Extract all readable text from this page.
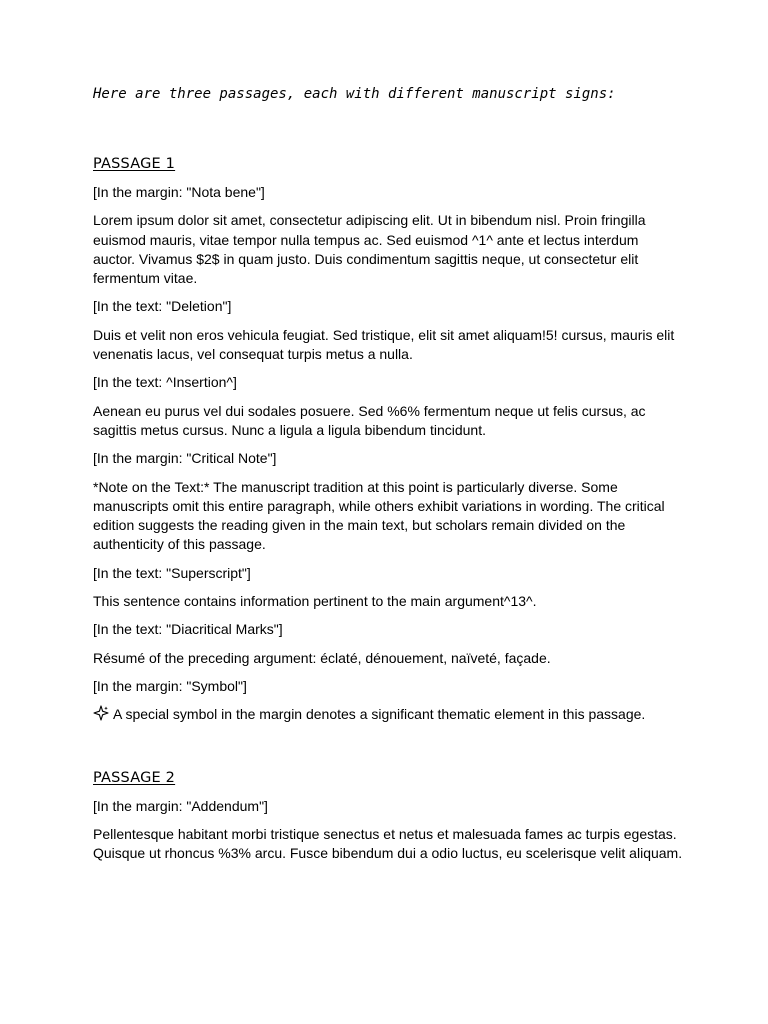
Here are three passages, each with different manuscript signs:

PASSAGE 1

[In the margin: "Nota bene"]

Lorem ipsum dolor sit amet, consectetur adipiscing elit. Ut in bibendum nisl. Proin fringilla euismod mauris, vitae tempor nulla tempus ac. Sed euismod ^1^ ante et lectus interdum auctor. Vivamus $2$ in quam justo. Duis condimentum sagittis neque, ut consectetur elit fermentum vitae.

[In the text: "Deletion"]

Duis et velit non eros vehicula feugiat. Sed tristique, elit sit amet aliquam!5! cursus, mauris elit venenatis lacus, vel consequat turpis metus a nulla.

[In the text: ^Insertion^]

Aenean eu purus vel dui sodales posuere. Sed %6% fermentum neque ut felis cursus, ac sagittis metus cursus. Nunc a ligula a ligula bibendum tincidunt.

[In the margin: "Critical Note"]

*Note on the Text:* The manuscript tradition at this point is particularly diverse. Some manuscripts omit this entire paragraph, while others exhibit variations in wording. The critical edition suggests the reading given in the main text, but scholars remain divided on the authenticity of this passage.

[In the text: "Superscript"]

This sentence contains information pertinent to the main argument^13^.

[In the text: "Diacritical Marks"]

Résumé of the preceding argument: éclaté, dénouement, naïveté, façade.

[In the margin: "Symbol"]

A special symbol in the margin denotes a significant thematic element in this passage.

PASSAGE 2

[In the margin: "Addendum"]

Pellentesque habitant morbi tristique senectus et netus et malesuada fames ac turpis egestas. Quisque ut rhoncus %3% arcu. Fusce bibendum dui a odio luctus, eu scelerisque velit aliquam.
